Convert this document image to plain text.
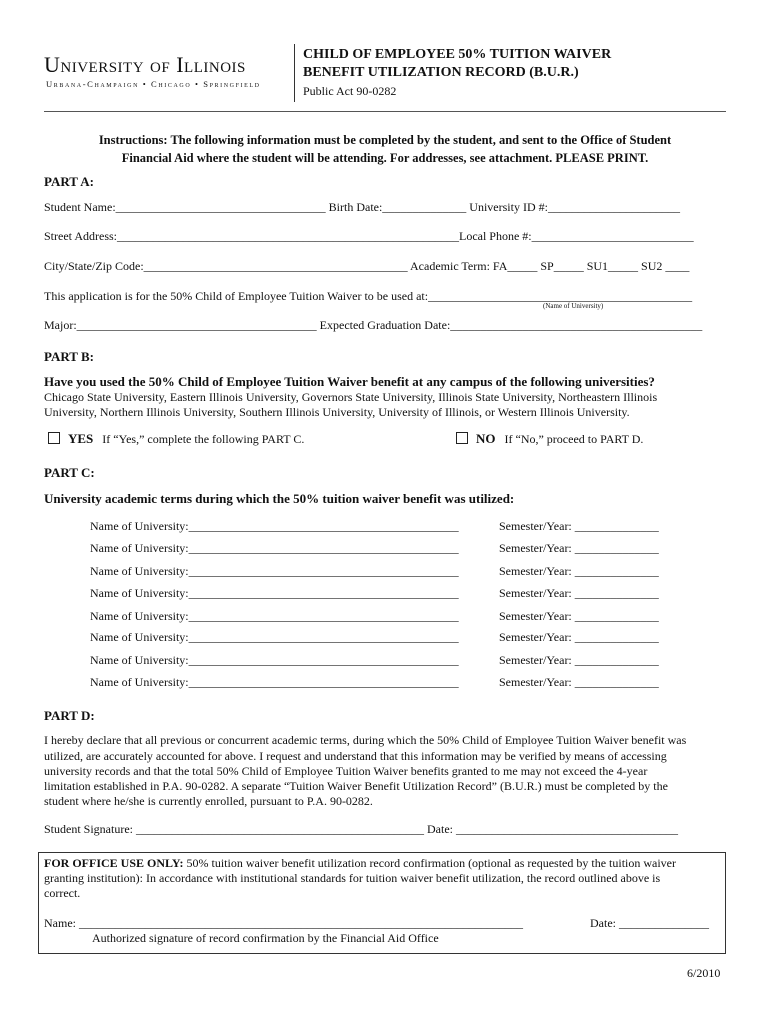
University of Illinois
Urbana-Champaign • Chicago • Springfield
CHILD OF EMPLOYEE 50% TUITION WAIVER
BENEFIT UTILIZATION RECORD (B.U.R.)
Public Act 90-0282
Instructions: The following information must be completed by the student, and sent to the Office of Student
Financial Aid where the student will be attending. For addresses, see attachment. PLEASE PRINT.
PART A:
Student Name:___________________________________ Birth Date:______________ University ID #:______________________
Street Address:_________________________________________________________Local Phone #:___________________________
City/State/Zip Code:____________________________________________ Academic Term: FA_____ SP_____ SU1_____ SU2 ____
This application is for the 50% Child of Employee Tuition Waiver to be used at:____________________________________________
(Name of University)
Major:________________________________________ Expected Graduation Date:__________________________________________
PART B:
Have you used the 50% Child of Employee Tuition Waiver benefit at any campus of the following universities?
Chicago State University, Eastern Illinois University, Governors State University, Illinois State University, Northeastern Illinois
University, Northern Illinois University, Southern Illinois University, University of Illinois, or Western Illinois University.
YES If “Yes,” complete the following PART C.	NO If “No,” proceed to PART D.
PART C:
University academic terms during which the 50% tuition waiver benefit was utilized:
Name of University:_____________________________________________	Semester/Year: ______________
Name of University:_____________________________________________	Semester/Year: ______________
Name of University:_____________________________________________	Semester/Year: ______________
Name of University:_____________________________________________	Semester/Year: ______________
Name of University:_____________________________________________	Semester/Year: ______________
Name of University:_____________________________________________	Semester/Year: ______________
Name of University:_____________________________________________	Semester/Year: ______________
Name of University:_____________________________________________	Semester/Year: ______________
PART D:
I hereby declare that all previous or concurrent academic terms, during which the 50% Child of Employee Tuition Waiver benefit was
utilized, are accurately accounted for above. I request and understand that this information may be verified by means of accessing
university records and that the total 50% Child of Employee Tuition Waiver benefits granted to me may not exceed the 4-year
limitation established in P.A. 90-0282. A separate “Tuition Waiver Benefit Utilization Record” (B.U.R.) must be completed by the
student where he/she is currently enrolled, pursuant to P.A. 90-0282.
Student Signature: ________________________________________________ Date: _____________________________________
FOR OFFICE USE ONLY: 50% tuition waiver benefit utilization record confirmation (optional as requested by the tuition waiver
granting institution): In accordance with institutional standards for tuition waiver benefit utilization, the record outlined above is
correct.
Name: __________________________________________________________________________	Date: _______________
Authorized signature of record confirmation by the Financial Aid Office
6/2010
